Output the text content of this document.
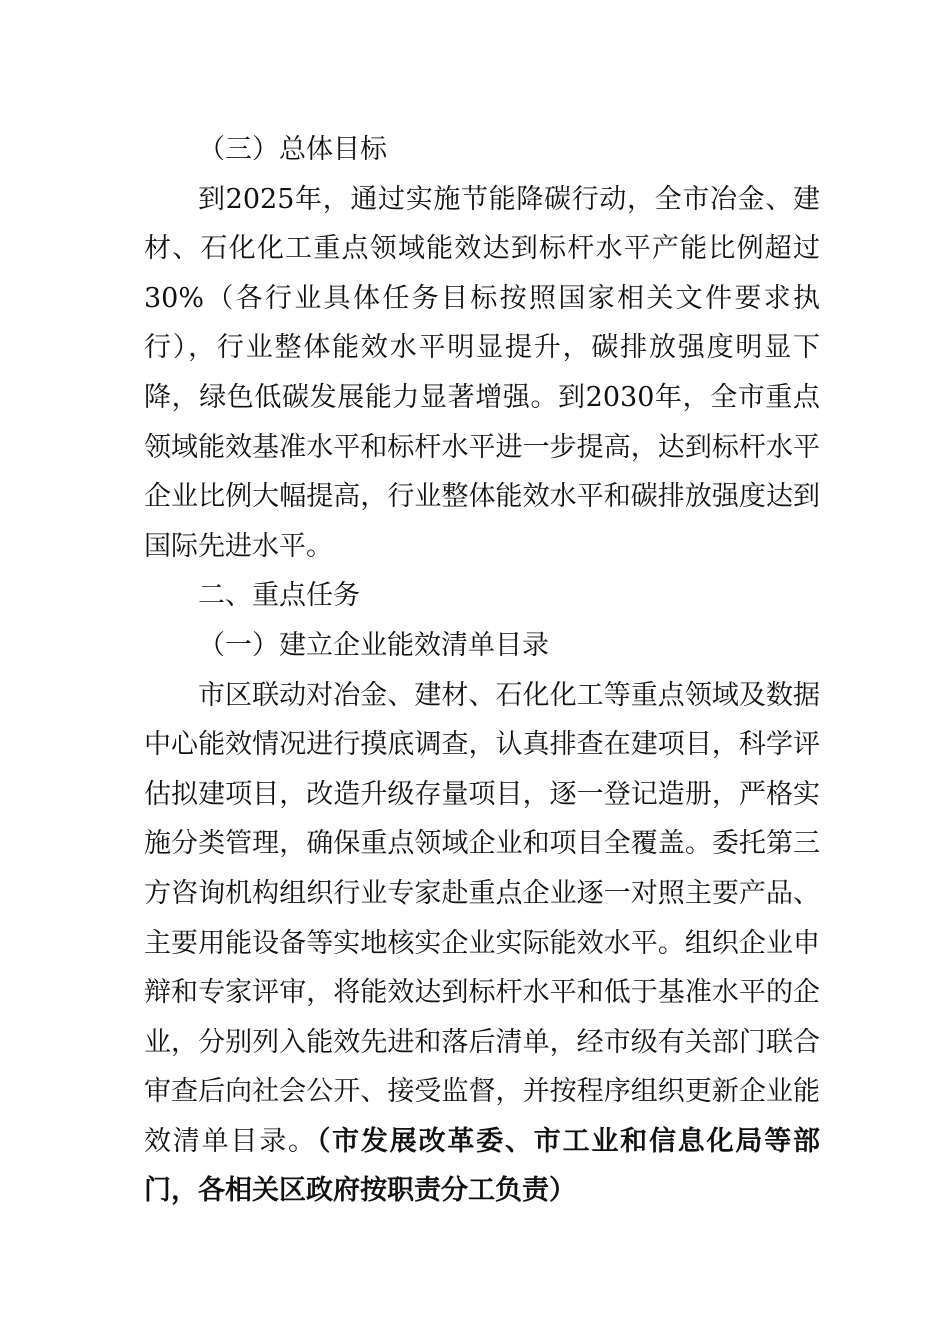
（三）总体目标

到2025年，通过实施节能降碳行动，全市冶金、建材、石化化工重点领域能效达到标杆水平产能比例超过30%（各行业具体任务目标按照国家相关文件要求执行），行业整体能效水平明显提升，碳排放强度明显下降，绿色低碳发展能力显著增强。到2030年，全市重点领域能效基准水平和标杆水平进一步提高，达到标杆水平企业比例大幅提高，行业整体能效水平和碳排放强度达到国际先进水平。

二、重点任务

（一）建立企业能效清单目录

市区联动对冶金、建材、石化化工等重点领域及数据中心能效情况进行摸底调查，认真排查在建项目，科学评估拟建项目，改造升级存量项目，逐一登记造册，严格实施分类管理，确保重点领域企业和项目全覆盖。委托第三方咨询机构组织行业专家赴重点企业逐一对照主要产品、主要用能设备等实地核实企业实际能效水平。组织企业申辩和专家评审，将能效达到标杆水平和低于基准水平的企业，分别列入能效先进和落后清单，经市级有关部门联合审查后向社会公开、接受监督，并按程序组织更新企业能效清单目录。（市发展改革委、市工业和信息化局等部门，各相关区政府按职责分工负责）
